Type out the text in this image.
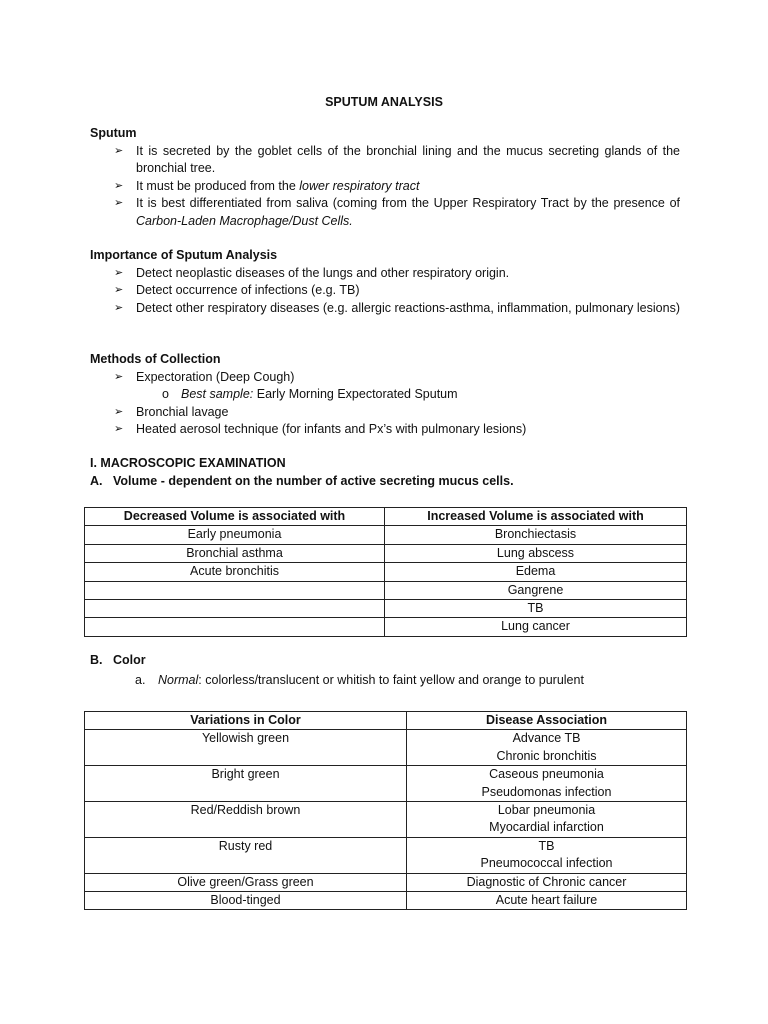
SPUTUM ANALYSIS
Sputum
➢ It is secreted by the goblet cells of the bronchial lining and the mucus secreting glands of the bronchial tree.
➢ It must be produced from the lower respiratory tract
➢ It is best differentiated from saliva (coming from the Upper Respiratory Tract by the presence of Carbon-Laden Macrophage/Dust Cells.
Importance of Sputum Analysis
➢ Detect neoplastic diseases of the lungs and other respiratory origin.
➢ Detect occurrence of infections (e.g. TB)
➢ Detect other respiratory diseases (e.g. allergic reactions-asthma, inflammation, pulmonary lesions)
Methods of Collection
➢ Expectoration (Deep Cough)
o Best sample: Early Morning Expectorated Sputum
➢ Bronchial lavage
➢ Heated aerosol technique (for infants and Px’s with pulmonary lesions)
I. MACROSCOPIC EXAMINATION
A. Volume - dependent on the number of active secreting mucus cells.
Decreased Volume is associated with	Increased Volume is associated with
Early pneumonia	Bronchiectasis
Bronchial asthma	Lung abscess
Acute bronchitis	Edema
	Gangrene
	TB
	Lung cancer
B. Color
a. Normal: colorless/translucent or whitish to faint yellow and orange to purulent
Variations in Color	Disease Association
Yellowish green	Advance TB
Chronic bronchitis
Bright green	Caseous pneumonia
Pseudomonas infection
Red/Reddish brown	Lobar pneumonia
Myocardial infarction
Rusty red	TB
Pneumococcal infection
Olive green/Grass green	Diagnostic of Chronic cancer
Blood-tinged	Acute heart failure
